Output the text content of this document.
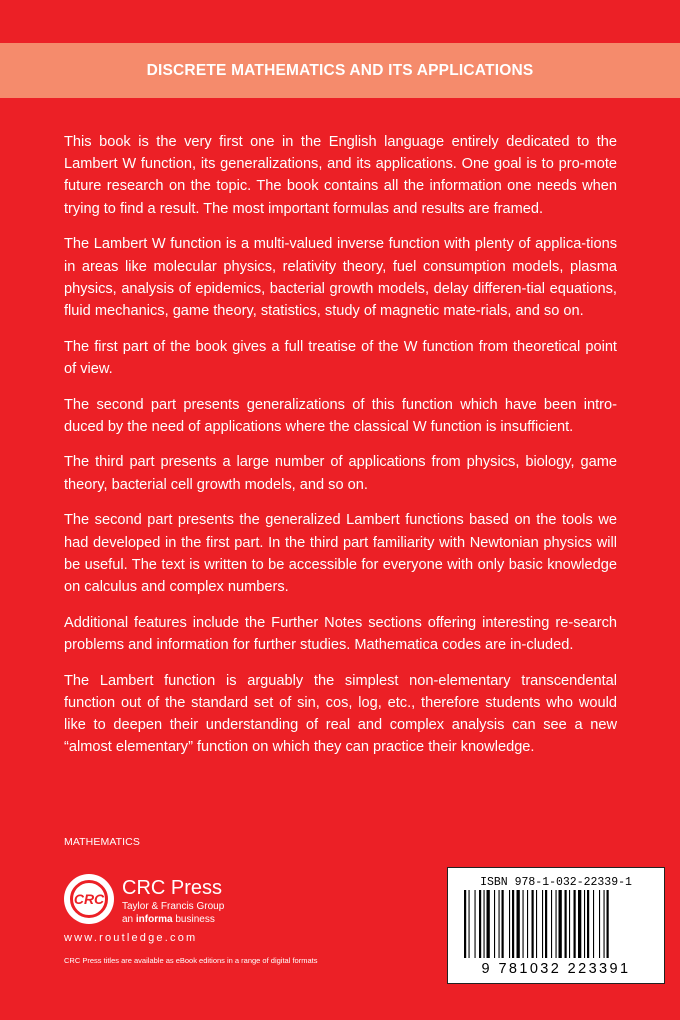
DISCRETE MATHEMATICS AND ITS APPLICATIONS

This book is the very first one in the English language entirely dedicated to the Lambert W function, its generalizations, and its applications. One goal is to pro-mote future research on the topic. The book contains all the information one needs when trying to find a result. The most important formulas and results are framed.

The Lambert W function is a multi-valued inverse function with plenty of applica-tions in areas like molecular physics, relativity theory, fuel consumption models, plasma physics, analysis of epidemics, bacterial growth models, delay differen-tial equations, fluid mechanics, game theory, statistics, study of magnetic mate-rials, and so on.

The first part of the book gives a full treatise of the W function from theoretical point of view.

The second part presents generalizations of this function which have been intro-duced by the need of applications where the classical W function is insufficient.

The third part presents a large number of applications from physics, biology, game theory, bacterial cell growth models, and so on.

The second part presents the generalized Lambert functions based on the tools we had developed in the first part. In the third part familiarity with Newtonian physics will be useful. The text is written to be accessible for everyone with only basic knowledge on calculus and complex numbers.

Additional features include the Further Notes sections offering interesting re-search problems and information for further studies. Mathematica codes are in-cluded.

The Lambert function is arguably the simplest non-elementary transcendental function out of the standard set of sin, cos, log, etc., therefore students who would like to deepen their understanding of real and complex analysis can see a new “almost elementary” function on which they can practice their knowledge.

MATHEMATICS
CRC CRC Press
Taylor & Francis Group
an informa business
www.routledge.com
CRC Press titles are available as eBook editions in a range of digital formats
ISBN 978-1-032-22339-1
9 781032 223391
